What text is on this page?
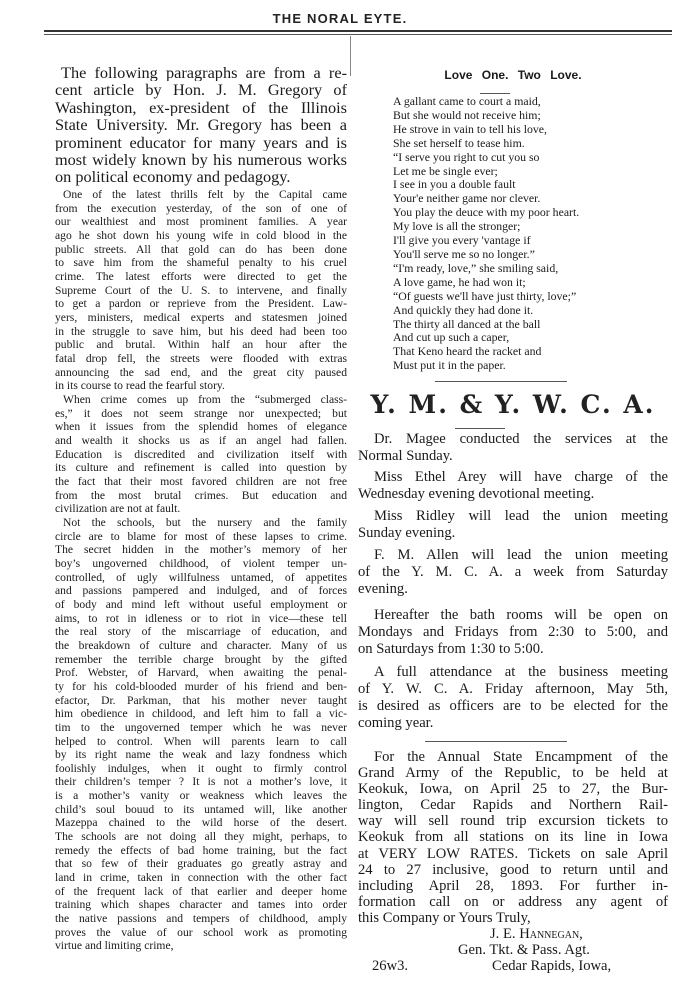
THE NORAL EYTE.
The following paragraphs are from a re-
cent article by Hon. J. M. Gregory of
Washington, ex-president of the Illinois
State University. Mr. Gregory has been a
prominent educator for many years and is
most widely known by his numerous works
on political economy and pedagogy.
One of the latest thrills felt by the Capital came
from the execution yesterday, of the son of one of
our wealthiest and most prominent families. A year
ago he shot down his young wife in cold blood in the
public streets. All that gold can do has been done
to save him from the shameful penalty to his cruel
crime. The latest efforts were directed to get the
Supreme Court of the U. S. to intervene, and finally
to get a pardon or reprieve from the President. Law-
yers, ministers, medical experts and statesmen joined
in the struggle to save him, but his deed had been too
public and brutal. Within half an hour after the
fatal drop fell, the streets were flooded with extras
announcing the sad end, and the great city paused
in its course to read the fearful story.
When crime comes up from the “submerged class-
es,” it does not seem strange nor unexpected; but
when it issues from the splendid homes of elegance
and wealth it shocks us as if an angel had fallen.
Education is discredited and civilization itself with
its culture and refinement is called into question by
the fact that their most favored children are not free
from the most brutal crimes. But education and
civilization are not at fault.
Not the schools, but the nursery and the family
circle are to blame for most of these lapses to crime.
The secret hidden in the mother’s memory of her
boy’s ungoverned childhood, of violent temper un-
controlled, of ugly willfulness untamed, of appetites
and passions pampered and indulged, and of forces
of body and mind left without useful employment or
aims, to rot in idleness or to riot in vice—these tell
the real story of the miscarriage of education, and
the breakdown of culture and character. Many of us
remember the terrible charge brought by the gifted
Prof. Webster, of Harvard, when awaiting the penal-
ty for his cold-blooded murder of his friend and ben-
efactor, Dr. Parkman, that his mother never taught
him obedience in childood, and left him to fall a vic-
tim to the ungoverned temper which he was never
helped to control. When will parents learn to call
by its right name the weak and lazy fondness which
foolishly indulges, when it ought to firmly control
their children’s temper ? It is not a mother’s love, it
is a mother’s vanity or weakness which leaves the
child’s soul bouud to its untamed will, like another
Mazeppa chained to the wild horse of the desert.
The schools are not doing all they might, perhaps, to
remedy the effects of bad home training, but the fact
that so few of their graduates go greatly astray and
land in crime, taken in connection with the other fact
of the frequent lack of that earlier and deeper home
training which shapes character and tames into order
the native passions and tempers of childhood, amply
proves the value of our school work as promoting
virtue and limiting crime,
Love One. Two Love.
A gallant came to court a maid,
But she would not receive him;
He strove in vain to tell his love,
She set herself to tease him.
“I serve you right to cut you so
Let me be single ever;
I see in you a double fault
Your'e neither game nor clever.
You play the deuce with my poor heart.
My love is all the stronger;
I'll give you every 'vantage if
You'll serve me so no longer.”
“I'm ready, love,” she smiling said,
A love game, he had won it;
“Of guests we'll have just thirty, love;”
And quickly they had done it.
The thirty all danced at the ball
And cut up such a caper,
That Keno heard the racket and
Must put it in the paper.
Y. M. & Y. W. C. A.
Dr. Magee conducted the services at the
Normal Sunday.
Miss Ethel Arey will have charge of the
Wednesday evening devotional meeting.
Miss Ridley will lead the union meeting
Sunday evening.
F. M. Allen will lead the union meeting
of the Y. M. C. A. a week from Saturday
evening.
Hereafter the bath rooms will be open on
Mondays and Fridays from 2:30 to 5:00, and
on Saturdays from 1:30 to 5:00.
A full attendance at the business meeting
of Y. W. C. A. Friday afternoon, May 5th,
is desired as officers are to be elected for the
coming year.
For the Annual State Encampment of the
Grand Army of the Republic, to be held at
Keokuk, Iowa, on April 25 to 27, the Bur-
lington, Cedar Rapids and Northern Rail-
way will sell round trip excursion tickets to
Keokuk from all stations on its line in Iowa
at VERY LOW RATES. Tickets on sale April
24 to 27 inclusive, good to return until and
including April 28, 1893. For further in-
formation call on or address any agent of
this Company or Yours Truly,
J. E. Hannegan,
Gen. Tkt. & Pass. Agt.
26w3.	Cedar Rapids, Iowa,
